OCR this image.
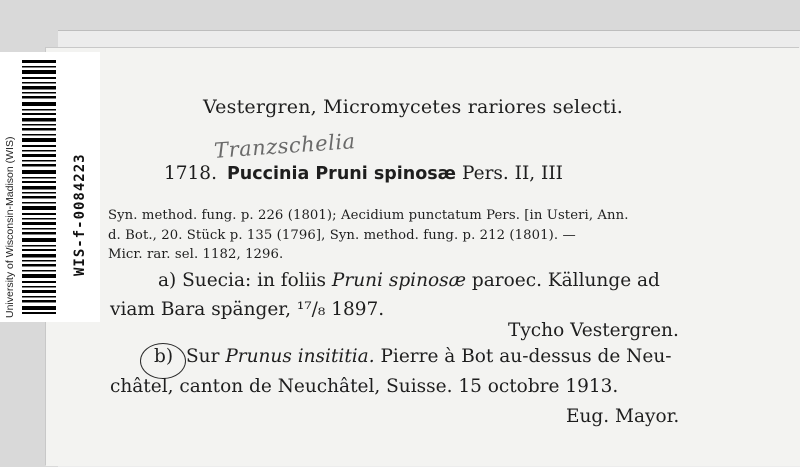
University of Wisconsin-Madison (WIS)	WIS-f-0084223
Vestergren, Micromycetes rariores selecti.
Tranzschelia
1718. Puccinia Pruni spinosæ Pers. II, III
Syn. method. fung. p. 226 (1801); Aecidium punctatum Pers. [in Usteri, Ann.
d. Bot., 20. Stück p. 135 (1796], Syn. method. fung. p. 212 (1801). —
Micr. rar. sel. 1182, 1296.
a) Suecia: in foliis Pruni spinosæ paroec. Källunge ad
viam Bara spänger, ¹⁷/₈ 1897.
Tycho Vestergren.
b) Sur Prunus insititia. Pierre à Bot au-dessus de Neu-
châtel, canton de Neuchâtel, Suisse. 15 octobre 1913.
Eug. Mayor.
